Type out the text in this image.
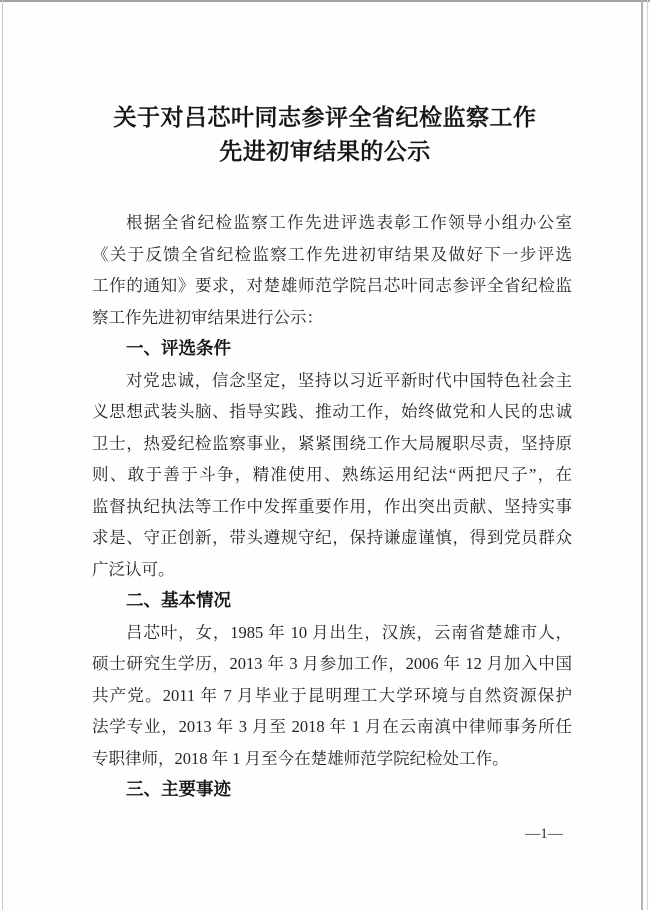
关于对吕芯叶同志参评全省纪检监察工作
先进初审结果的公示
根据全省纪检监察工作先进评选表彰工作领导小组办公室
《关于反馈全省纪检监察工作先进初审结果及做好下一步评选
工作的通知》要求，对楚雄师范学院吕芯叶同志参评全省纪检监
察工作先进初审结果进行公示：
一、评选条件
对党忠诚，信念坚定，坚持以习近平新时代中国特色社会主
义思想武装头脑、指导实践、推动工作，始终做党和人民的忠诚
卫士，热爱纪检监察事业，紧紧围绕工作大局履职尽责，坚持原
则、敢于善于斗争，精准使用、熟练运用纪法“两把尺子”，在
监督执纪执法等工作中发挥重要作用，作出突出贡献、坚持实事
求是、守正创新，带头遵规守纪，保持谦虚谨慎，得到党员群众
广泛认可。
二、基本情况
吕芯叶，女，1985 年 10 月出生，汉族，云南省楚雄市人，
硕士研究生学历，2013 年 3 月参加工作，2006 年 12 月加入中国
共产党。2011 年 7 月毕业于昆明理工大学环境与自然资源保护
法学专业，2013 年 3 月至 2018 年 1 月在云南滇中律师事务所任
专职律师，2018 年 1 月至今在楚雄师范学院纪检处工作。
三、主要事迹
—1—
